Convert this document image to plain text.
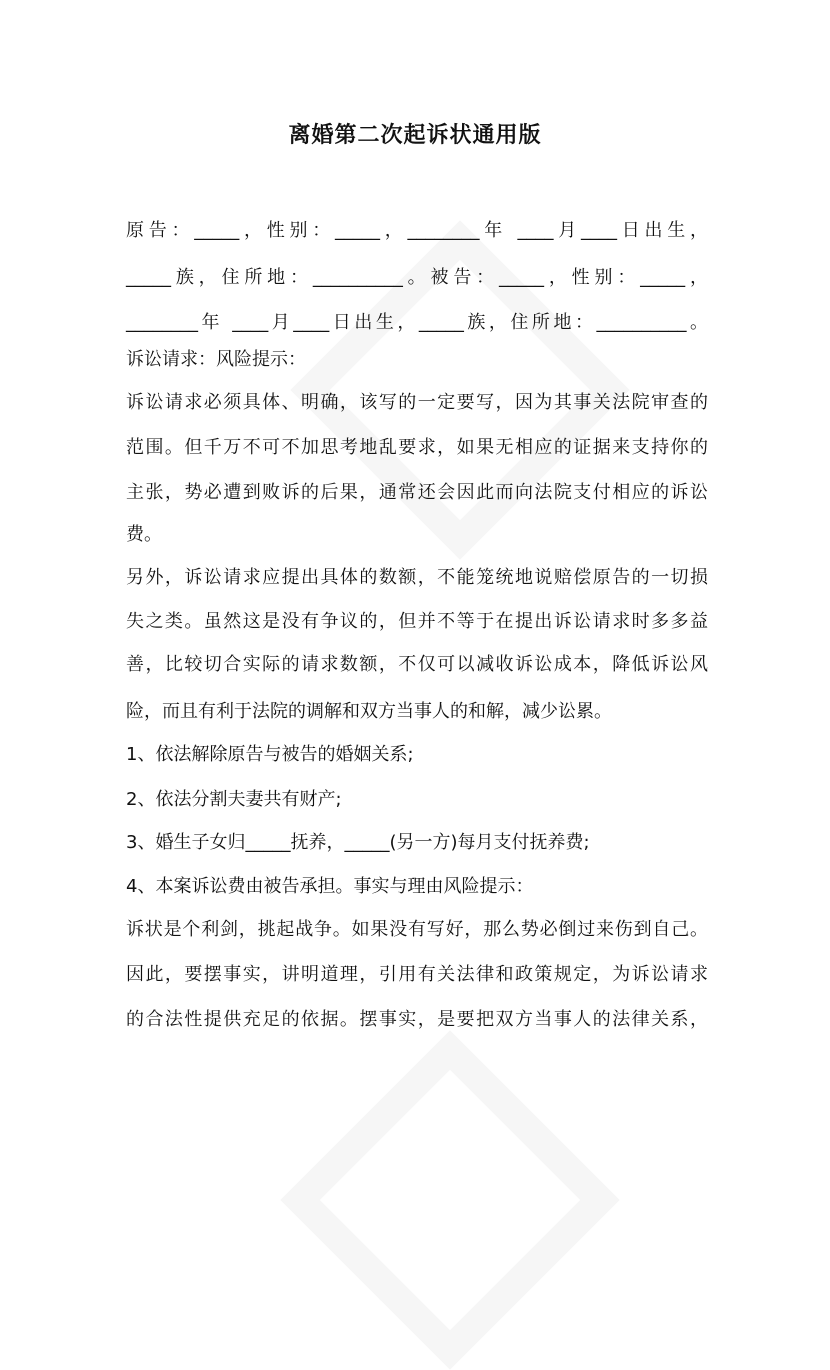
离婚第二次起诉状通用版
原告：_____，性别：_____，________年 ____月____日出生，
_____族，住所地：__________。被告：_____，性别：_____，
________年 ____月____日出生，_____族，住所地：__________。
诉讼请求：风险提示：
诉讼请求必须具体、明确，该写的一定要写，因为其事关法院审查的
范围。但千万不可不加思考地乱要求，如果无相应的证据来支持你的
主张，势必遭到败诉的后果，通常还会因此而向法院支付相应的诉讼
费。
另外，诉讼请求应提出具体的数额，不能笼统地说赔偿原告的一切损
失之类。虽然这是没有争议的，但并不等于在提出诉讼请求时多多益
善，比较切合实际的请求数额，不仅可以减收诉讼成本，降低诉讼风
险，而且有利于法院的调解和双方当事人的和解，减少讼累。
1、依法解除原告与被告的婚姻关系;
2、依法分割夫妻共有财产;
3、婚生子女归_____抚养，_____(另一方)每月支付抚养费;
4、本案诉讼费由被告承担。事实与理由风险提示：
诉状是个利剑，挑起战争。如果没有写好，那么势必倒过来伤到自己。
因此，要摆事实，讲明道理，引用有关法律和政策规定，为诉讼请求
的合法性提供充足的依据。摆事实，是要把双方当事人的法律关系，
